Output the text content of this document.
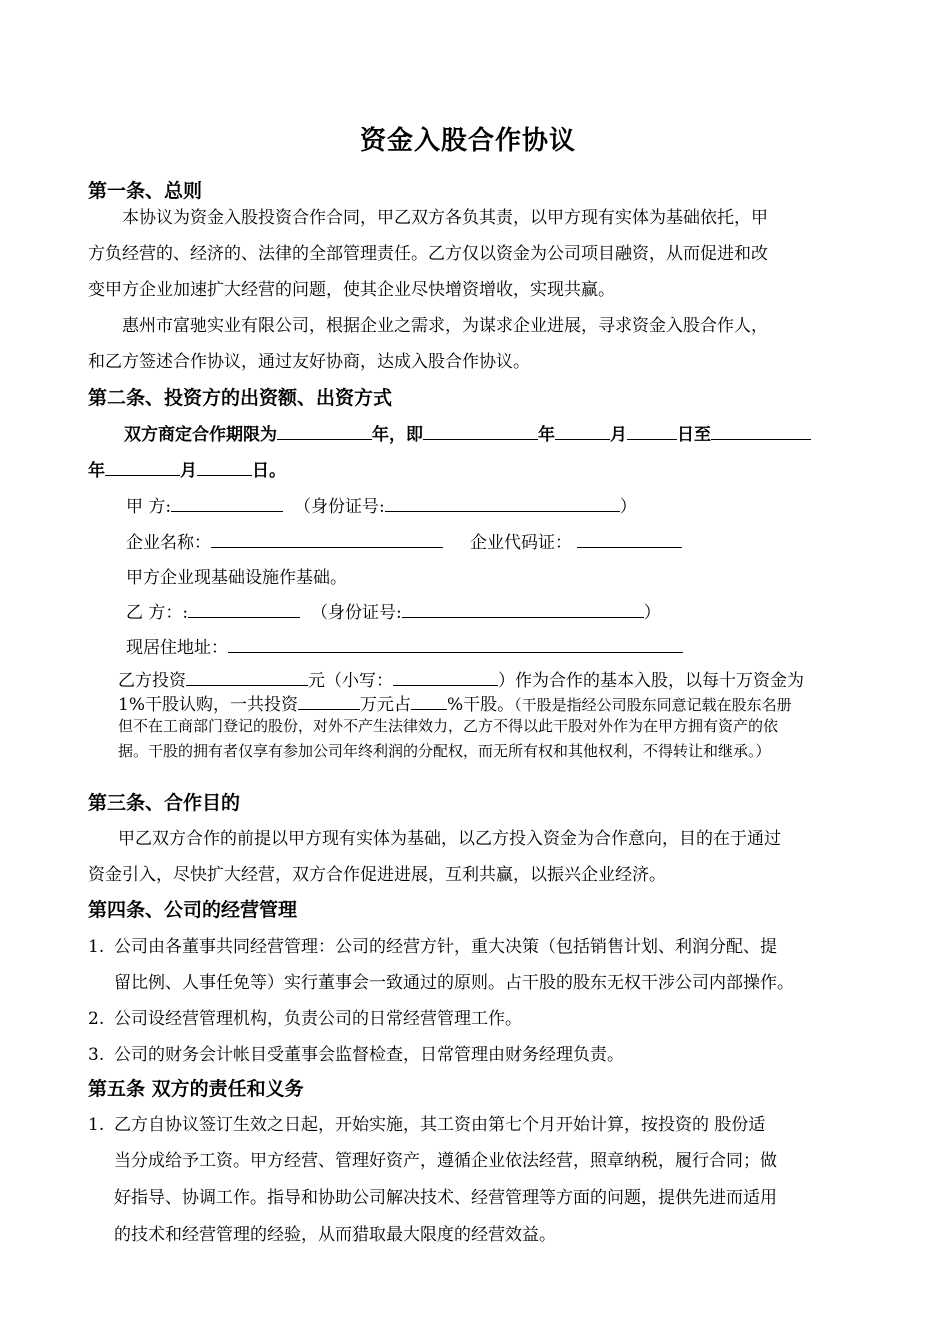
资金入股合作协议
第一条、总则
本协议为资金入股投资合作合同，甲乙双方各负其责，以甲方现有实体为基础依托，甲
方负经营的、经济的、法律的全部管理责任。乙方仅以资金为公司项目融资，从而促进和改
变甲方企业加速扩大经营的问题，使其企业尽快增资增收，实现共赢。
惠州市富驰实业有限公司，根据企业之需求，为谋求企业进展，寻求资金入股合作人，
和乙方签述合作协议，通过友好协商，达成入股合作协议。
第二条、投资方的出资额、出资方式
双方商定合作期限为	年，即	年	月	日至
年	月	日。
甲 方:	（身份证号:	）
企业名称：	企业代码证：
甲方企业现基础设施作基础。
乙 方：:	（身份证号:	）
现居住地址：
乙方投资	元（小写：	）作为合作的基本入股，以每十万资金为
1%干股认购，一共投资	万元占 %干股。（干股是指经公司股东同意记载在股东名册
但不在工商部门登记的股份，对外不产生法律效力，乙方不得以此干股对外作为在甲方拥有资产的依
据。干股的拥有者仅享有参加公司年终利润的分配权，而无所有权和其他权利，不得转让和继承。）
第三条、合作目的
甲乙双方合作的前提以甲方现有实体为基础，以乙方投入资金为合作意向，目的在于通过
资金引入，尽快扩大经营，双方合作促进进展，互利共赢，以振兴企业经济。
第四条、公司的经营管理
1. 公司由各董事共同经营管理：公司的经营方针，重大决策（包括销售计划、利润分配、提
留比例、人事任免等）实行董事会一致通过的原则。占干股的股东无权干涉公司内部操作。
2. 公司设经营管理机构，负责公司的日常经营管理工作。
3. 公司的财务会计帐目受董事会监督检查，日常管理由财务经理负责。
第五条 双方的责任和义务
1. 乙方自协议签订生效之日起，开始实施，其工资由第七个月开始计算，按投资的 股份适
当分成给予工资。甲方经营、管理好资产，遵循企业依法经营，照章纳税，履行合同；做
好指导、协调工作。指导和协助公司解决技术、经营管理等方面的问题，提供先进而适用
的技术和经营管理的经验，从而猎取最大限度的经营效益。
